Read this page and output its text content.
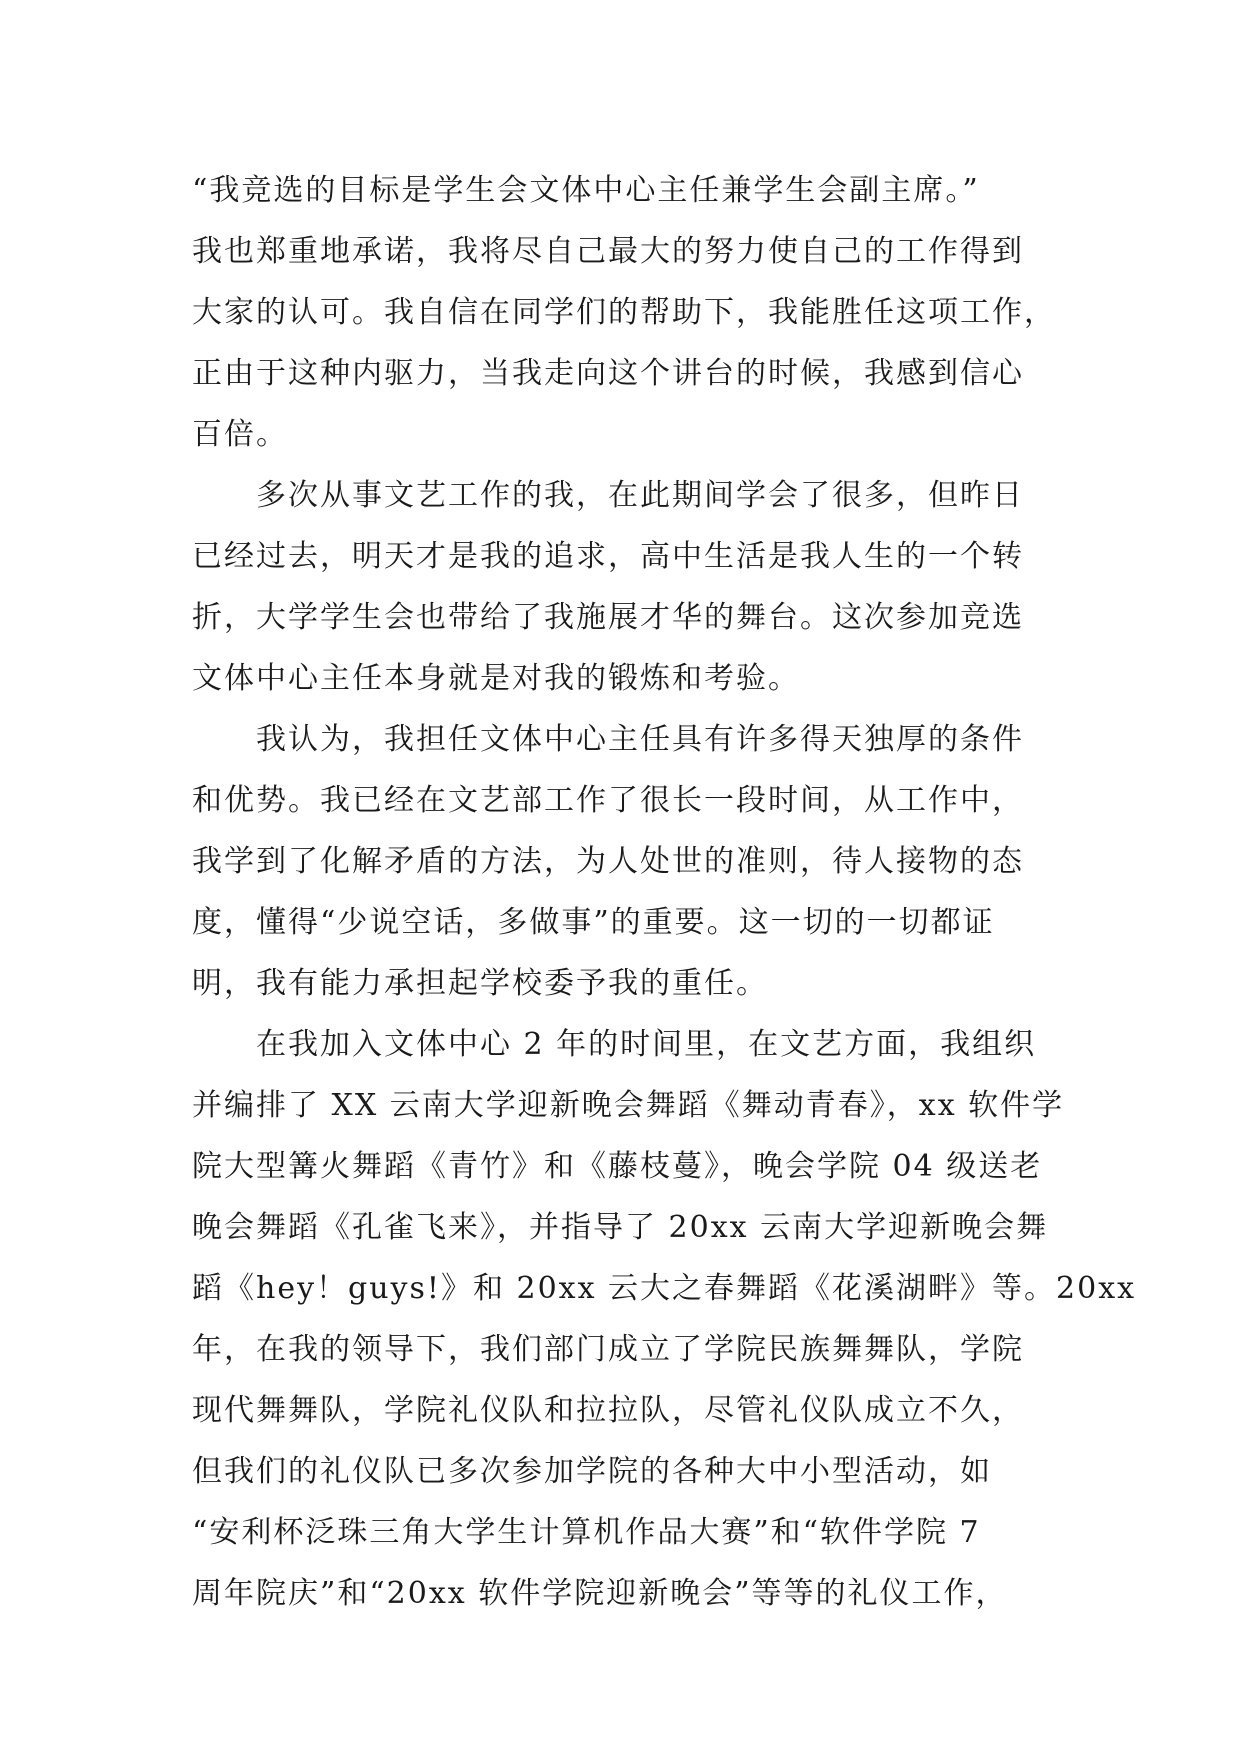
“我竞选的目标是学生会文体中心主任兼学生会副主席。”
我也郑重地承诺，我将尽自己最大的努力使自己的工作得到
大家的认可。我自信在同学们的帮助下，我能胜任这项工作，
正由于这种内驱力，当我走向这个讲台的时候，我感到信心
百倍。
多次从事文艺工作的我，在此期间学会了很多，但昨日
已经过去，明天才是我的追求，高中生活是我人生的一个转
折，大学学生会也带给了我施展才华的舞台。这次参加竞选
文体中心主任本身就是对我的锻炼和考验。
我认为，我担任文体中心主任具有许多得天独厚的条件
和优势。我已经在文艺部工作了很长一段时间，从工作中，
我学到了化解矛盾的方法，为人处世的准则，待人接物的态
度，懂得“少说空话，多做事”的重要。这一切的一切都证
明，我有能力承担起学校委予我的重任。
在我加入文体中心 2 年的时间里，在文艺方面，我组织
并编排了 XX 云南大学迎新晚会舞蹈《舞动青春》，xx 软件学
院大型篝火舞蹈《青竹》和《藤枝蔓》，晚会学院 04 级送老
晚会舞蹈《孔雀飞来》，并指导了 20xx 云南大学迎新晚会舞
蹈《hey！guys!》和 20xx 云大之春舞蹈《花溪湖畔》等。20xx
年，在我的领导下，我们部门成立了学院民族舞舞队，学院
现代舞舞队，学院礼仪队和拉拉队，尽管礼仪队成立不久，
但我们的礼仪队已多次参加学院的各种大中小型活动，如
“安利杯泛珠三角大学生计算机作品大赛”和“软件学院 7
周年院庆”和“20xx 软件学院迎新晚会”等等的礼仪工作，
